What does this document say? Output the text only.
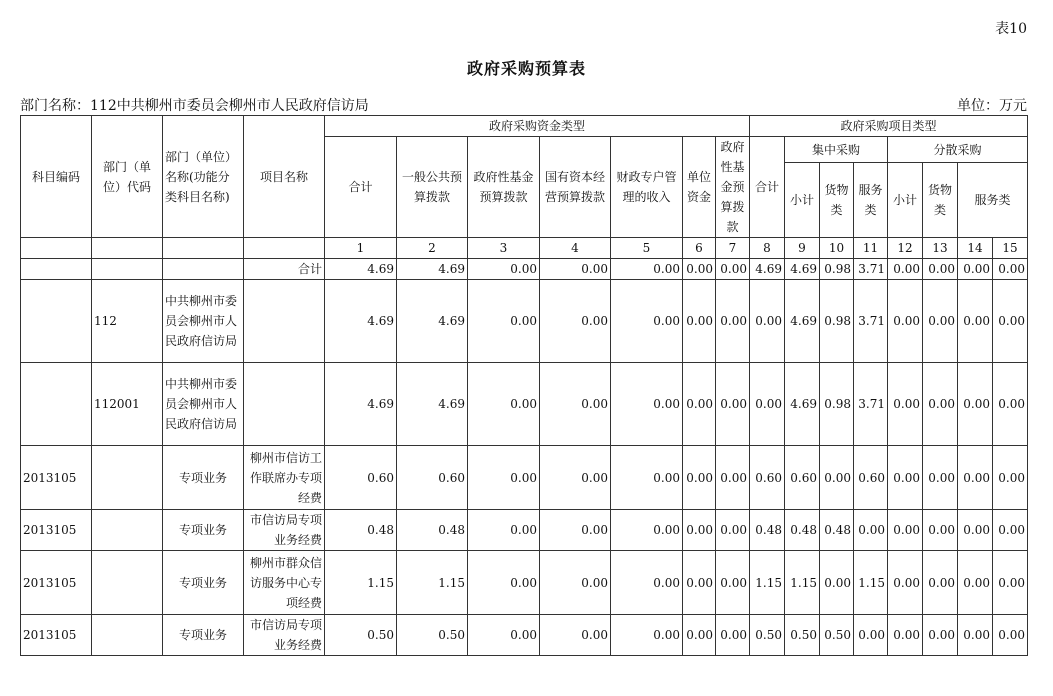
表10
政府采购预算表
部门名称：112中共柳州市委员会柳州市人民政府信访局	单位：万元
科目编码	部门（单位）代码	部门（单位）名称(功能分类科目名称)	项目名称	政府采购资金类型							政府采购项目类型							
				合计	一般公共预算拨款	政府性基金预算拨款	国有资本经营预算拨款	财政专户管理的收入	单位资金	政府性基金预算拨款	合计	集中采购			分散采购			
												小计	货物类	服务类	小计	货物类	服务类	
				1	2	3	4	5	6	7	8	9	10	11	12	13	14	15
			合计	4.69	4.69	0.00	0.00	0.00	0.00	0.00	4.69	4.69	0.98	3.71	0.00	0.00	0.00	0.00
	112	中共柳州市委员会柳州市人民政府信访局		4.69	4.69	0.00	0.00	0.00	0.00	0.00	0.00	4.69	0.98	3.71	0.00	0.00	0.00	0.00
	112001	中共柳州市委员会柳州市人民政府信访局		4.69	4.69	0.00	0.00	0.00	0.00	0.00	0.00	4.69	0.98	3.71	0.00	0.00	0.00	0.00
2013105		专项业务	柳州市信访工作联席办专项经费	0.60	0.60	0.00	0.00	0.00	0.00	0.00	0.60	0.60	0.00	0.60	0.00	0.00	0.00	0.00
2013105		专项业务	市信访局专项业务经费	0.48	0.48	0.00	0.00	0.00	0.00	0.00	0.48	0.48	0.48	0.00	0.00	0.00	0.00	0.00
2013105		专项业务	柳州市群众信访服务中心专项经费	1.15	1.15	0.00	0.00	0.00	0.00	0.00	1.15	1.15	0.00	1.15	0.00	0.00	0.00	0.00
2013105		专项业务	市信访局专项业务经费	0.50	0.50	0.00	0.00	0.00	0.00	0.00	0.50	0.50	0.50	0.00	0.00	0.00	0.00	0.00
